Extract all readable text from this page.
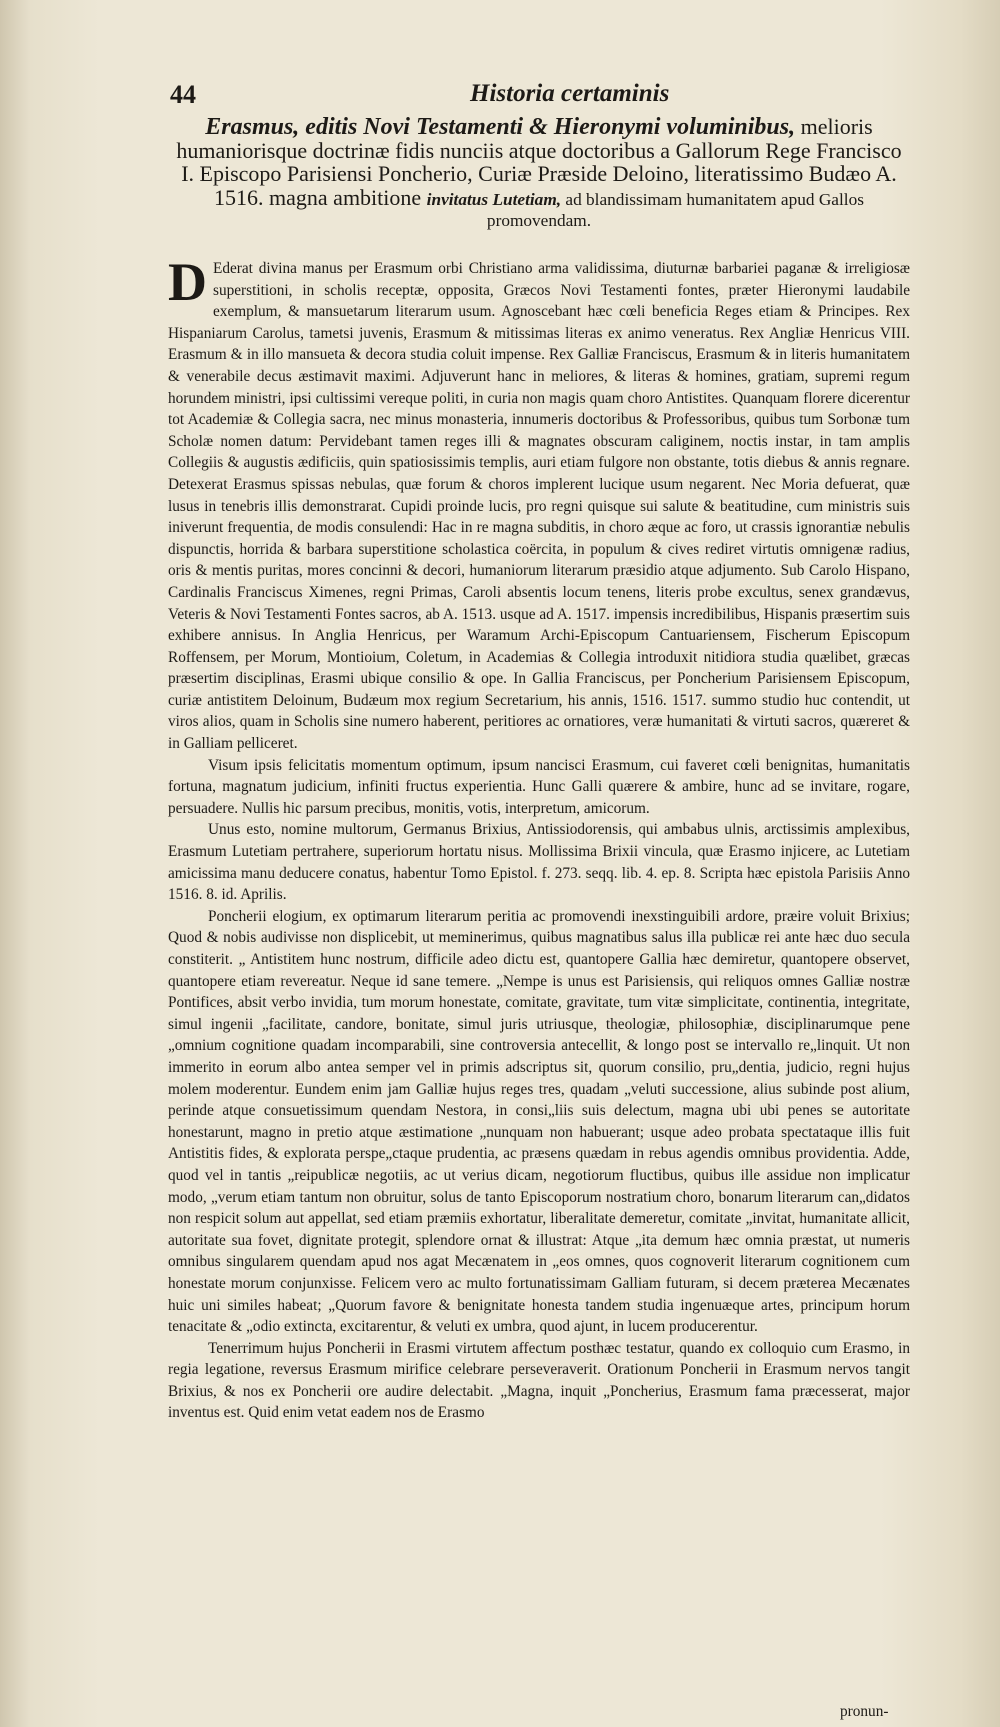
44	Historia certaminis
Erasmus, editis Novi Testamenti & Hieronymi voluminibus, melioris humaniorisque doctrinæ fidis nunciis atque doctoribus a Gallorum Rege Francisco I. Episcopo Parisiensi Poncherio, Curiæ Præside Deloino, literatissimo Budæo A. 1516. magna ambitione invitatus Lutetiam, ad blandissimam humanitatem apud Gallos promovendam.

D Ederat divina manus per Erasmum orbi Christiano arma validissima, diuturnæ barbariei paganæ & irreligiosæ superstitioni, in scholis receptæ, opposita, Græcos Novi Testamenti fontes, præter Hieronymi laudabile exemplum, & mansuetarum literarum usum. Agnoscebant hæc cœli beneficia Reges etiam & Principes. Rex Hispaniarum Carolus, tametsi juvenis, Erasmum & mitissimas literas ex animo veneratus. Rex Angliæ Henricus VIII. Erasmum & in illo mansueta & decora studia coluit impense. Rex Galliæ Franciscus, Erasmum & in literis humanitatem & venerabile decus æstimavit maximi. Adjuverunt hanc in meliores, & literas & homines, gratiam, supremi regum horundem ministri, ipsi cultissimi vereque politi, in curia non magis quam choro Antistites. Quanquam florere dicerentur tot Academiæ & Collegia sacra, nec minus monasteria, innumeris doctoribus & Professoribus, quibus tum Sorbonæ tum Scholæ nomen datum: Pervidebant tamen reges illi & magnates obscuram caliginem, noctis instar, in tam amplis Collegiis & augustis ædificiis, quin spatiosissimis templis, auri etiam fulgore non obstante, totis diebus & annis regnare. Detexerat Erasmus spissas nebulas, quæ forum & choros implerent lucique usum negarent. Nec Moria defuerat, quæ lusus in tenebris illis demonstrarat. Cupidi proinde lucis, pro regni quisque sui salute & beatitudine, cum ministris suis iniverunt frequentia, de modis consulendi: Hac in re magna subditis, in choro æque ac foro, ut crassis ignorantiæ nebulis dispunctis, horrida & barbara superstitione scholastica coërcita, in populum & cives rediret virtutis omnigenæ radius, oris & mentis puritas, mores concinni & decori, humaniorum literarum præsidio atque adjumento. Sub Carolo Hispano, Cardinalis Franciscus Ximenes, regni Primas, Caroli absentis locum tenens, literis probe excultus, senex grandævus, Veteris & Novi Testamenti Fontes sacros, ab A. 1513. usque ad A. 1517. impensis incredibilibus, Hispanis præsertim suis exhibere annisus. In Anglia Henricus, per Waramum Archi-Episcopum Cantuariensem, Fischerum Episcopum Roffensem, per Morum, Montioium, Coletum, in Academias & Collegia introduxit nitidiora studia quælibet, græcas præsertim disciplinas, Erasmi ubique consilio & ope. In Gallia Franciscus, per Poncherium Parisiensem Episcopum, curiæ antistitem Deloinum, Budæum mox regium Secretarium, his annis, 1516. 1517. summo studio huc contendit, ut viros alios, quam in Scholis sine numero haberent, peritiores ac ornatiores, veræ humanitati & virtuti sacros, quæreret & in Galliam pelliceret.

Visum ipsis felicitatis momentum optimum, ipsum nancisci Erasmum, cui faveret cœli benignitas, humanitatis fortuna, magnatum judicium, infiniti fructus experientia. Hunc Galli quærere & ambire, hunc ad se invitare, rogare, persuadere. Nullis hic parsum precibus, monitis, votis, interpretum, amicorum.

Unus esto, nomine multorum, Germanus Brixius, Antissiodorensis, qui ambabus ulnis, arctissimis amplexibus, Erasmum Lutetiam pertrahere, superiorum hortatu nisus. Mollissima Brixii vincula, quæ Erasmo injicere, ac Lutetiam amicissima manu deducere conatus, habentur Tomo Epistol. f. 273. seqq. lib. 4. ep. 8. Scripta hæc epistola Parisiis Anno 1516. 8. id. Aprilis.

Poncherii elogium, ex optimarum literarum peritia ac promovendi inexstinguibili ardore, præire voluit Brixius; Quod & nobis audivisse non displicebit, ut meminerimus, quibus magnatibus salus illa publicæ rei ante hæc duo secula constiterit. „ Antistitem hunc nostrum, difficile adeo dictu est, quantopere Gallia hæc demiretur, quantopere observet, quantopere etiam revereatur. Neque id sane temere. „Nempe is unus est Parisiensis, qui reliquos omnes Galliæ nostræ Pontifices, absit verbo invidia, tum morum honestate, comitate, gravitate, tum vitæ simplicitate, continentia, integritate, simul ingenii „facilitate, candore, bonitate, simul juris utriusque, theologiæ, philosophiæ, disciplinarumque pene „omnium cognitione quadam incomparabili, sine controversia antecellit, & longo post se intervallo re„linquit. Ut non immerito in eorum albo antea semper vel in primis adscriptus sit, quorum consilio, pru„dentia, judicio, regni hujus molem moderentur. Eundem enim jam Galliæ hujus reges tres, quadam „veluti successione, alius subinde post alium, perinde atque consuetissimum quendam Nestora, in consi„liis suis delectum, magna ubi ubi penes se autoritate honestarunt, magno in pretio atque æstimatione „nunquam non habuerant; usque adeo probata spectataque illis fuit Antistitis fides, & explorata perspe„ctaque prudentia, ac præsens quædam in rebus agendis omnibus providentia. Adde, quod vel in tantis „reipublicæ negotiis, ac ut verius dicam, negotiorum fluctibus, quibus ille assidue non implicatur modo, „verum etiam tantum non obruitur, solus de tanto Episcoporum nostratium choro, bonarum literarum can„didatos non respicit solum aut appellat, sed etiam præmiis exhortatur, liberalitate demeretur, comitate „invitat, humanitate allicit, autoritate sua fovet, dignitate protegit, splendore ornat & illustrat: Atque „ita demum hæc omnia præstat, ut numeris omnibus singularem quendam apud nos agat Mecænatem in „eos omnes, quos cognoverit literarum cognitionem cum honestate morum conjunxisse. Felicem vero ac multo fortunatissimam Galliam futuram, si decem præterea Mecænates huic uni similes habeat; „Quorum favore & benignitate honesta tandem studia ingenuæque artes, principum horum tenacitate & „odio extincta, excitarentur, & veluti ex umbra, quod ajunt, in lucem producerentur.

Tenerrimum hujus Poncherii in Erasmi virtutem affectum posthæc testatur, quando ex colloquio cum Erasmo, in regia legatione, reversus Erasmum mirifice celebrare perseveraverit. Orationum Poncherii in Erasmum nervos tangit Brixius, & nos ex Poncherii ore audire delectabit. „Magna, inquit „Poncherius, Erasmum fama præcesserat, major inventus est. Quid enim vetat eadem nos de Erasmo

pronun-
